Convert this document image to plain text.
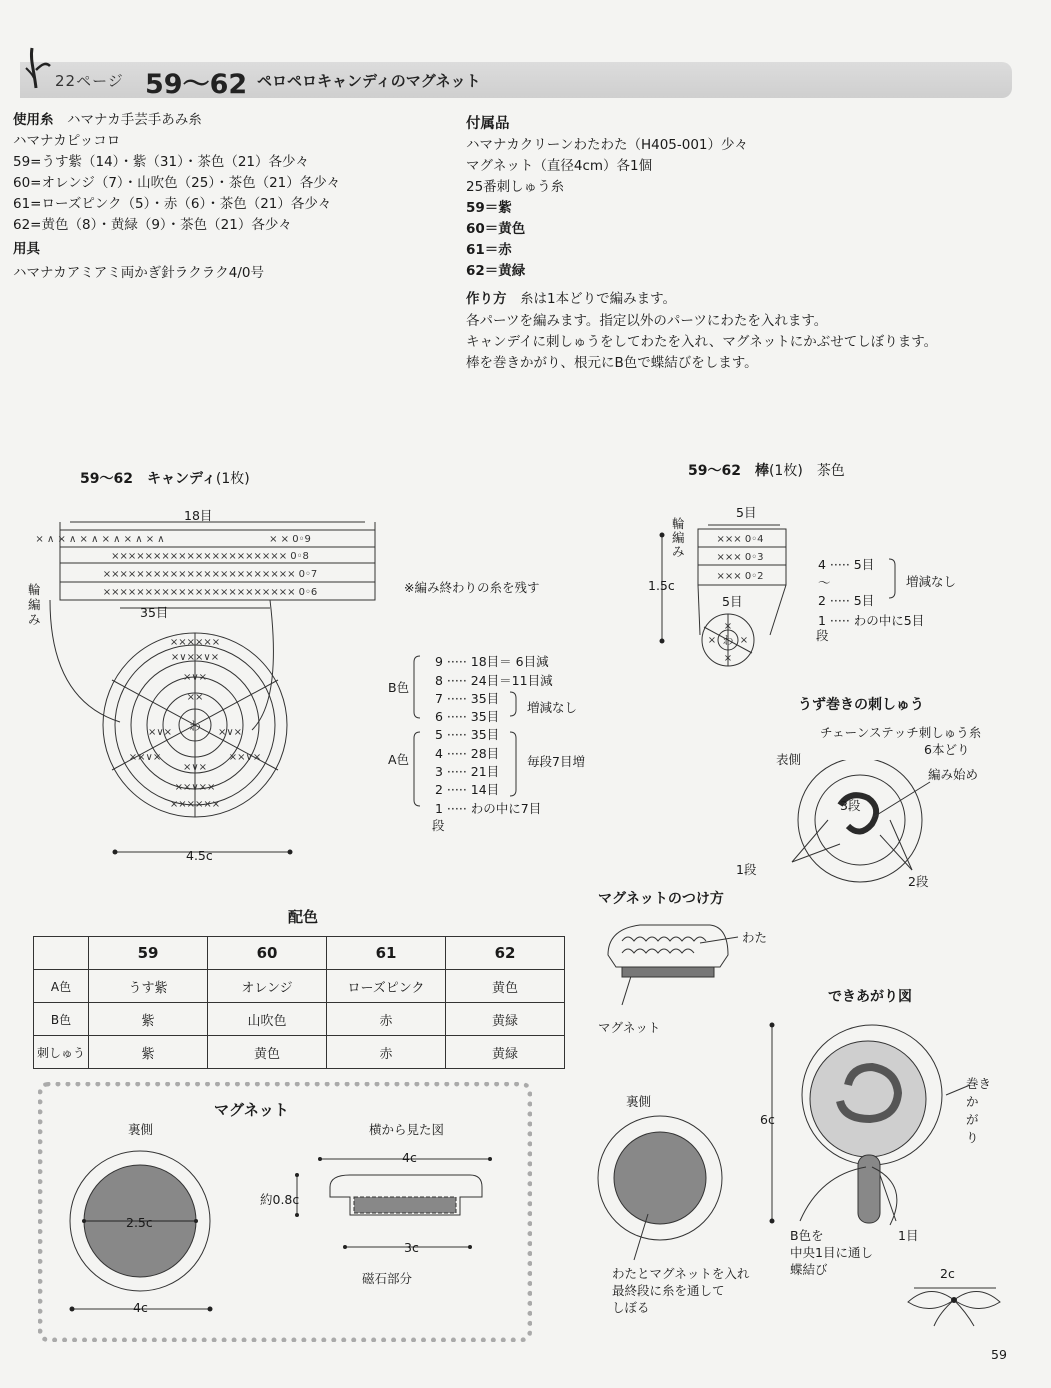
22ページ 59〜62 ペロペロキャンディのマグネット
使用糸　 ハマナカ手芸手あみ糸
ハマナカピッコロ
59=うす紫（14）・紫（31）・茶色（21）各少々
60=オレンジ（7）・山吹色（25）・茶色（21）各少々
61=ローズピンク（5）・赤（6）・茶色（21）各少々
62=黄色（8）・黄緑（9）・茶色（21）各少々
用具
ハマナカアミアミ両かぎ針ラクラク4/0号
付属品
ハマナカクリーンわたわた（H405-001）少々
マグネット（直径4cm）各1個
25番刺しゅう糸
59＝紫
60＝黄色
61＝赤
62＝黄緑
作り方　 糸は1本どりで編みます。
各パーツを編みます。指定以外のパーツにわたを入れます。
キャンデイに刺しゅうをしてわたを入れ、マグネットにかぶせてしぼります。
棒を巻きかがり、根元にB色で蝶結びをします。
59〜62　キャンディ(1枚)
× ∧ × ∧ × ∧ × ∧ × ∧ × ∧	× × 0◦9
××××××××××××××××××××× 0◦8
××××××××××××××××××××××× 0◦7
××××××××××××××××××××××× 0◦6
わ
××
×∨×
×∨××∨×
××××××
×∨×	×∨×
××∨×	××∨×
×∨×
××∨××
××××××
18目
35目
輪編み
※編み終わりの糸を残す
4.5c
B色
A色
9 ····· 18目＝ 6目減
8 ····· 24目＝11目減
7 ····· 35目
6 ····· 35目
5 ····· 35目
4 ····· 28目
3 ····· 21目
2 ····· 14目
1 ····· わの中に7目
段
増減なし
毎段7目増
59〜62　棒(1枚)　 茶色
××× 0◦4
××× 0◦3
××× 0◦2
わ
×
×
× ×
5目
輪編み
1.5c
5目
4 ····· 5目
〜
2 ····· 5目
1 ····· わの中に5目
段
増減なし
うず巻きの刺しゅう
チェーンステッチ刺しゅう糸
6本どり
表側
編み始め
3段
1段
2段
配色
	59	60	61	62
A色	うす紫	オレンジ	ローズピンク	黄色
B色	紫	山吹色	赤	黄緑
刺しゅう	紫	黄色	赤	黄緑
マグネット
裏側
2.5c
4c
横から見た図
4c
約0.8c
3c
磁石部分
マグネットのつけ方
わた
マグネット
裏側
わたとマグネットを入れ
最終段に糸を通して
しぼる
できあがり図
6c
巻き
か
が
り
B色を
中央1目に通し
蝶結び
1目
2c
59
